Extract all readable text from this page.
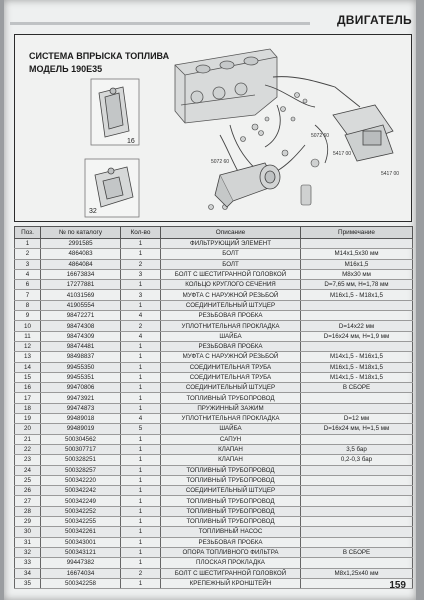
ДВИГАТЕЛЬ
СИСТЕМА ВПРЫСКА ТОПЛИВА
МОДЕЛЬ 190E35
16
32
5072 60
5417 00
5417 00
5072 60
Поз.	№ по каталогу	Кол-во	Описание	Примечание
1	2991585	1	ФИЛЬТРУЮЩИЙ ЭЛЕМЕНТ	
2	4864083	1	БОЛТ	М14x1,5x30 мм
3	4864084	2	БОЛТ	М16x1,5
4	16673834	3	БОЛТ С ШЕСТИГРАННОЙ ГОЛОВКОЙ	М8x30 мм
6	17277881	1	КОЛЬЦО КРУГЛОГО СЕЧЕНИЯ	D=7,65 мм, H=1,78 мм
7	41031569	3	МУФТА С НАРУЖНОЙ РЕЗЬБОЙ	М16x1,5 - М18x1,5
8	41905554	1	СОЕДИНИТЕЛЬНЫЙ ШТУЦЕР	
9	98472271	4	РЕЗЬБОВАЯ ПРОБКА	
10	98474308	2	УПЛОТНИТЕЛЬНАЯ ПРОКЛАДКА	D=14x22 мм
11	98474309	4	ШАЙБА	D=16x24 мм, H=1,9 мм
12	98474481	1	РЕЗЬБОВАЯ ПРОБКА	
13	98498837	1	МУФТА С НАРУЖНОЙ РЕЗЬБОЙ	М14x1,5 - М16x1,5
14	99455350	1	СОЕДИНИТЕЛЬНАЯ ТРУБА	М16x1,5 - М18x1,5
15	99455351	1	СОЕДИНИТЕЛЬНАЯ ТРУБА	М14x1,5 - М18x1,5
16	99470806	1	СОЕДИНИТЕЛЬНЫЙ ШТУЦЕР	В СБОРЕ
17	99473921	1	ТОПЛИВНЫЙ ТРУБОПРОВОД	
18	99474873	1	ПРУЖИННЫЙ ЗАЖИМ	
19	99489018	4	УПЛОТНИТЕЛЬНАЯ ПРОКЛАДКА	D=12 мм
20	99489019	5	ШАЙБА	D=16x24 мм, H=1,5 мм
21	500304562	1	САПУН	
22	500307717	1	КЛАПАН	3,5 бар
23	500328251	1	КЛАПАН	0,2-0,3 бар
24	500328257	1	ТОПЛИВНЫЙ ТРУБОПРОВОД	
25	500342220	1	ТОПЛИВНЫЙ ТРУБОПРОВОД	
26	500342242	1	СОЕДИНИТЕЛЬНЫЙ ШТУЦЕР	
27	500342249	1	ТОПЛИВНЫЙ ТРУБОПРОВОД	
28	500342252	1	ТОПЛИВНЫЙ ТРУБОПРОВОД	
29	500342255	1	ТОПЛИВНЫЙ ТРУБОПРОВОД	
30	500342261	1	ТОПЛИВНЫЙ НАСОС	
31	500343001	1	РЕЗЬБОВАЯ ПРОБКА	
32	500343121	1	ОПОРА ТОПЛИВНОГО ФИЛЬТРА	В СБОРЕ
33	99447382	1	ПЛОСКАЯ ПРОКЛАДКА	
34	16674034	2	БОЛТ С ШЕСТИГРАННОЙ ГОЛОВКОЙ	М8x1,25x40 мм
35	500342258	1	КРЕПЕЖНЫЙ КРОНШТЕЙН		159
